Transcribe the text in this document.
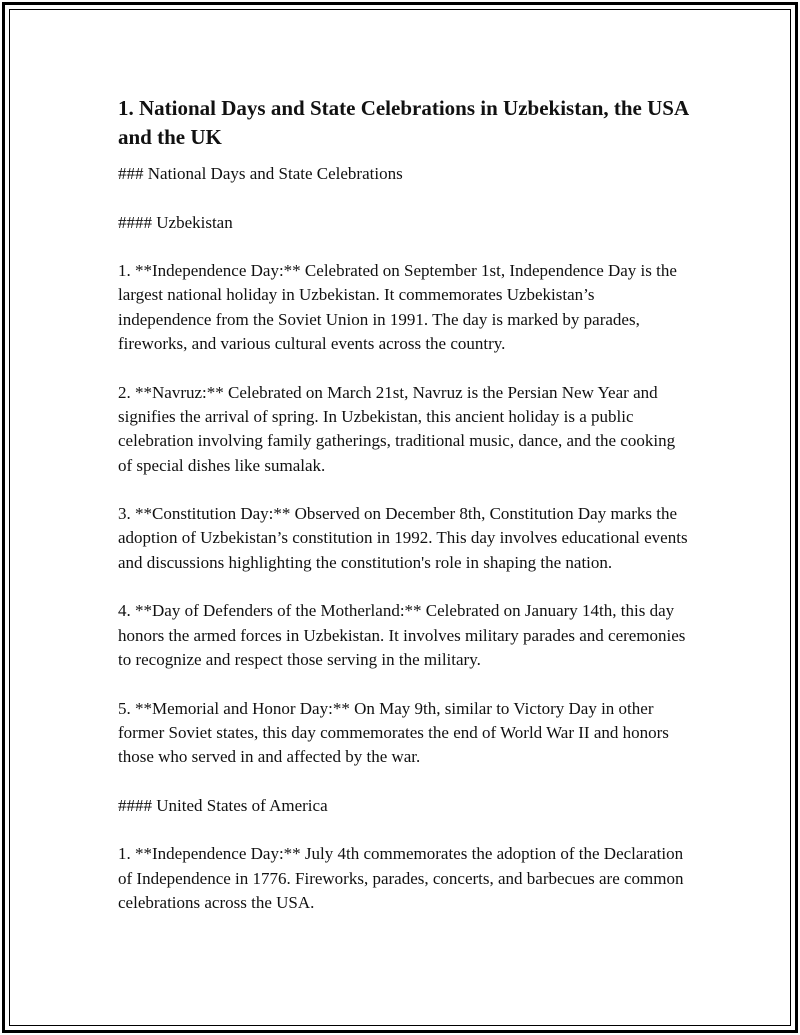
1. National Days and State Celebrations in Uzbekistan, the USA and the UK

### National Days and State Celebrations

#### Uzbekistan

1. **Independence Day:** Celebrated on September 1st, Independence Day is the largest national holiday in Uzbekistan. It commemorates Uzbekistan’s independence from the Soviet Union in 1991. The day is marked by parades, fireworks, and various cultural events across the country.

2. **Navruz:** Celebrated on March 21st, Navruz is the Persian New Year and signifies the arrival of spring. In Uzbekistan, this ancient holiday is a public celebration involving family gatherings, traditional music, dance, and the cooking of special dishes like sumalak.

3. **Constitution Day:** Observed on December 8th, Constitution Day marks the adoption of Uzbekistan’s constitution in 1992. This day involves educational events and discussions highlighting the constitution's role in shaping the nation.

4. **Day of Defenders of the Motherland:** Celebrated on January 14th, this day honors the armed forces in Uzbekistan. It involves military parades and ceremonies to recognize and respect those serving in the military.

5. **Memorial and Honor Day:** On May 9th, similar to Victory Day in other former Soviet states, this day commemorates the end of World War II and honors those who served in and affected by the war.

#### United States of America

1. **Independence Day:** July 4th commemorates the adoption of the Declaration of Independence in 1776. Fireworks, parades, concerts, and barbecues are common celebrations across the USA.
